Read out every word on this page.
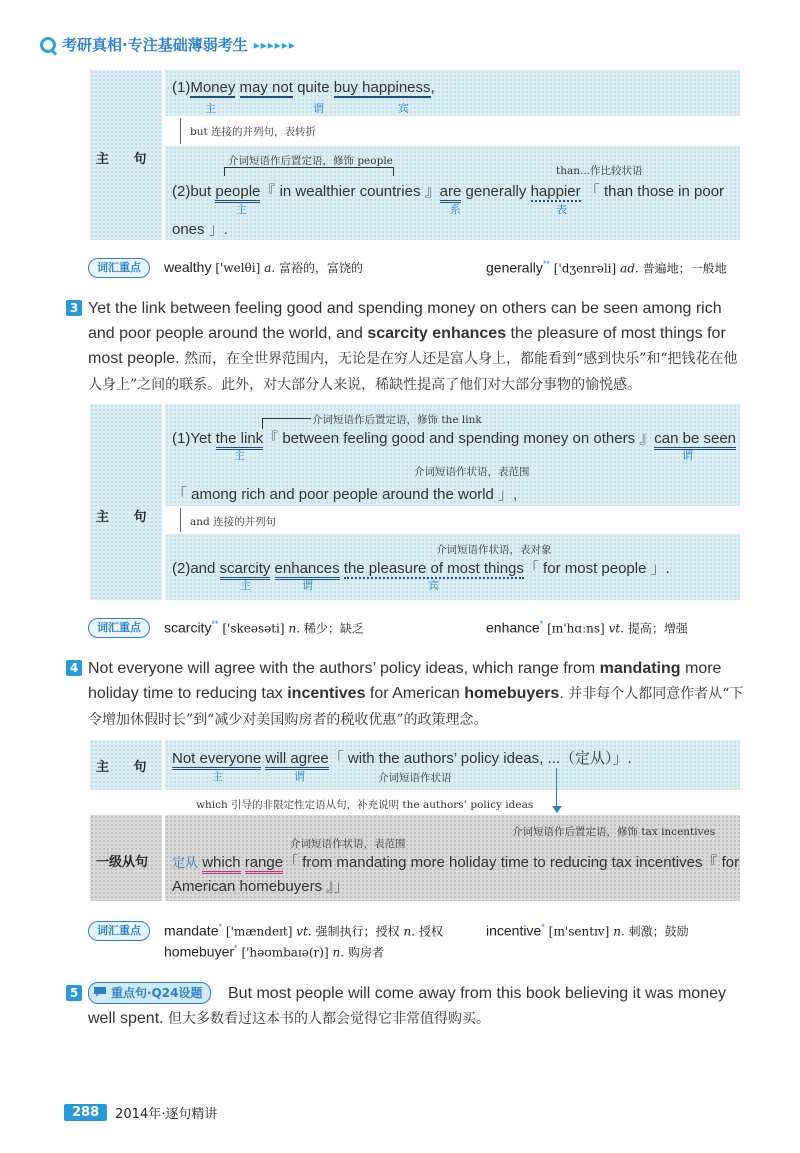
考研真相·专注基础薄弱考生 ▸▸▸▸▸▸
主 句
(1)Money may not quite buy happiness,
主	谓	宾
but 连接的并列句，表转折
介词短语作后置定语，修饰 people
than...作比较状语
(2)but people『 in wealthier countries 』are generally happier 「 than those in poor
ones 」.
主	系	表
词汇重点	wealthy ['welθi] a. 富裕的，富饶的	generally** ['dʒenrəli] ad. 普遍地；一般地
3 Yet the link between feeling good and spending money on others can be seen among rich and poor people around the world, and scarcity enhances the pleasure of most things for most people. 然而，在全世界范围内，无论是在穷人还是富人身上，都能看到“感到快乐”和“把钱花在他人身上”之间的联系。此外，对大部分人来说，稀缺性提高了他们对大部分事物的愉悦感。
主 句
介词短语作后置定语，修饰 the link
(1)Yet the link『 between feeling good and spending money on others 』can be seen
主	谓
介词短语作状语，表范围
「 among rich and poor people around the world 」,
and 连接的并列句
介词短语作状语，表对象
(2)and scarcity enhances the pleasure of most things「 for most people 」.
主	谓	宾
词汇重点	scarcity** ['skeəsəti] n. 稀少；缺乏	enhance* [ɪn'hɑːns] vt. 提高；增强
4 Not everyone will agree with the authors’ policy ideas, which range from mandating more holiday time to reducing tax incentives for American homebuyers. 并非每个人都同意作者从“下令增加休假时长”到“减少对美国购房者的税收优惠”的政策理念。
主 句
Not everyone will agree「 with the authors’ policy ideas, ...（定从）」.
主	谓	介词短语作状语
which 引导的非限定性定语从句，补充说明 the authors’ policy ideas
一级从句
介词短语作后置定语，修饰 tax incentives
介词短语作状语，表范围
定从 which range「 from mandating more holiday time to reducing tax incentives『 for
American homebuyers 』」
词汇重点	mandate* ['mændeɪt] vt. 强制执行；授权 n. 授权	incentive* [ɪn'sentɪv] n. 刺激；鼓励
homebuyer* ['həʊmbaɪə(r)] n. 购房者
5	重点句·Q24设题	But most people will come away from this book believing it was money well spent. 但大多数看过这本书的人都会觉得它非常值得购买。
288	2014年·逐句精讲
